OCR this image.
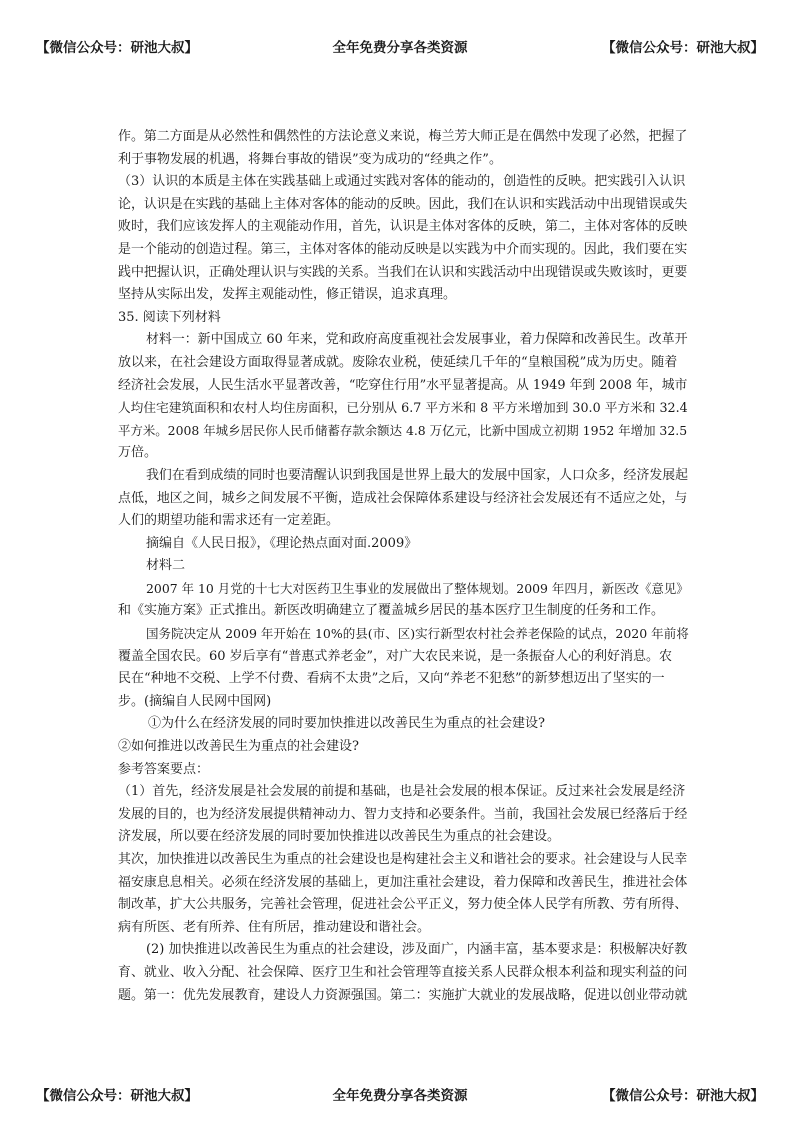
【微信公众号：研池大叔】	全年免费分享各类资源	【微信公众号：研池大叔】

作。第二方面是从必然性和偶然性的方法论意义来说，梅兰芳大师正是在偶然中发现了必然，把握了

利于事物发展的机遇，将舞台事故的错误”变为成功的“经典之作”。

（3）认识的本质是主体在实践基础上或通过实践对客体的能动的，创造性的反映。把实践引入认识

论，认识是在实践的基础上主体对客体的能动的反映。因此，我们在认识和实践活动中出现错误或失

败时，我们应该发挥人的主观能动作用，首先，认识是主体对客体的反映，第二，主体对客体的反映

是一个能动的创造过程。第三，主体对客体的能动反映是以实践为中介而实现的。因此，我们要在实

践中把握认识，正确处理认识与实践的关系。当我们在认识和实践活动中出现错误或失败该时，更要

坚持从实际出发，发挥主观能动性，修正错误，追求真理。

35. 阅读下列材料

材料一：新中国成立 60 年来，党和政府高度重视社会发展事业，着力保障和改善民生。改革开

放以来，在社会建设方面取得显著成就。废除农业税，使延续几千年的“皇粮国税”成为历史。随着

经济社会发展，人民生活水平显著改善，“吃穿住行用”水平显著提高。从 1949 年到 2008 年，城市

人均住宅建筑面积和农村人均住房面积，已分别从 6.7 平方米和 8 平方米增加到 30.0 平方米和 32.4

平方米。2008 年城乡居民你人民币储蓄存款余额达 4.8 万亿元，比新中国成立初期 1952 年增加 32.5

万倍。

我们在看到成绩的同时也要清醒认识到我国是世界上最大的发展中国家，人口众多，经济发展起

点低，地区之间，城乡之间发展不平衡，造成社会保障体系建设与经济社会发展还有不适应之处，与

人们的期望功能和需求还有一定差距。

摘编自《人民日报》，《理论热点面对面.2009》

材料二

2007 年 10 月党的十七大对医药卫生事业的发展做出了整体规划。2009 年四月，新医改《意见》

和《实施方案》正式推出。新医改明确建立了覆盖城乡居民的基本医疗卫生制度的任务和工作。

国务院决定从 2009 年开始在 10%的县(市、区)实行新型农村社会养老保险的试点，2020 年前将

覆盖全国农民。60 岁后享有“普惠式养老金”，对广大农民来说，是一条振奋人心的利好消息。农

民在“种地不交税、上学不付费、看病不太贵”之后，又向“养老不犯愁”的新梦想迈出了坚实的一

步。(摘编自人民网中国网)

①为什么在经济发展的同时要加快推进以改善民生为重点的社会建设?

②如何推进以改善民生为重点的社会建设?

参考答案要点：

（1）首先，经济发展是社会发展的前提和基础，也是社会发展的根本保证。反过来社会发展是经济

发展的目的，也为经济发展提供精神动力、智力支持和必要条件。当前，我国社会发展已经落后于经

济发展，所以要在经济发展的同时要加快推进以改善民生为重点的社会建设。

其次，加快推进以改善民生为重点的社会建设也是构建社会主义和谐社会的要求。社会建设与人民幸

福安康息息相关。必须在经济发展的基础上，更加注重社会建设，着力保障和改善民生，推进社会体

制改革，扩大公共服务，完善社会管理，促进社会公平正义，努力使全体人民学有所教、劳有所得、

病有所医、老有所养、住有所居，推动建设和谐社会。

(2) 加快推进以改善民生为重点的社会建设，涉及面广，内涵丰富，基本要求是：积极解决好教

育、就业、收入分配、社会保障、医疗卫生和社会管理等直接关系人民群众根本利益和现实利益的问

题。第一：优先发展教育，建设人力资源强国。第二：实施扩大就业的发展战略，促进以创业带动就

【微信公众号：研池大叔】	全年免费分享各类资源	【微信公众号：研池大叔】
